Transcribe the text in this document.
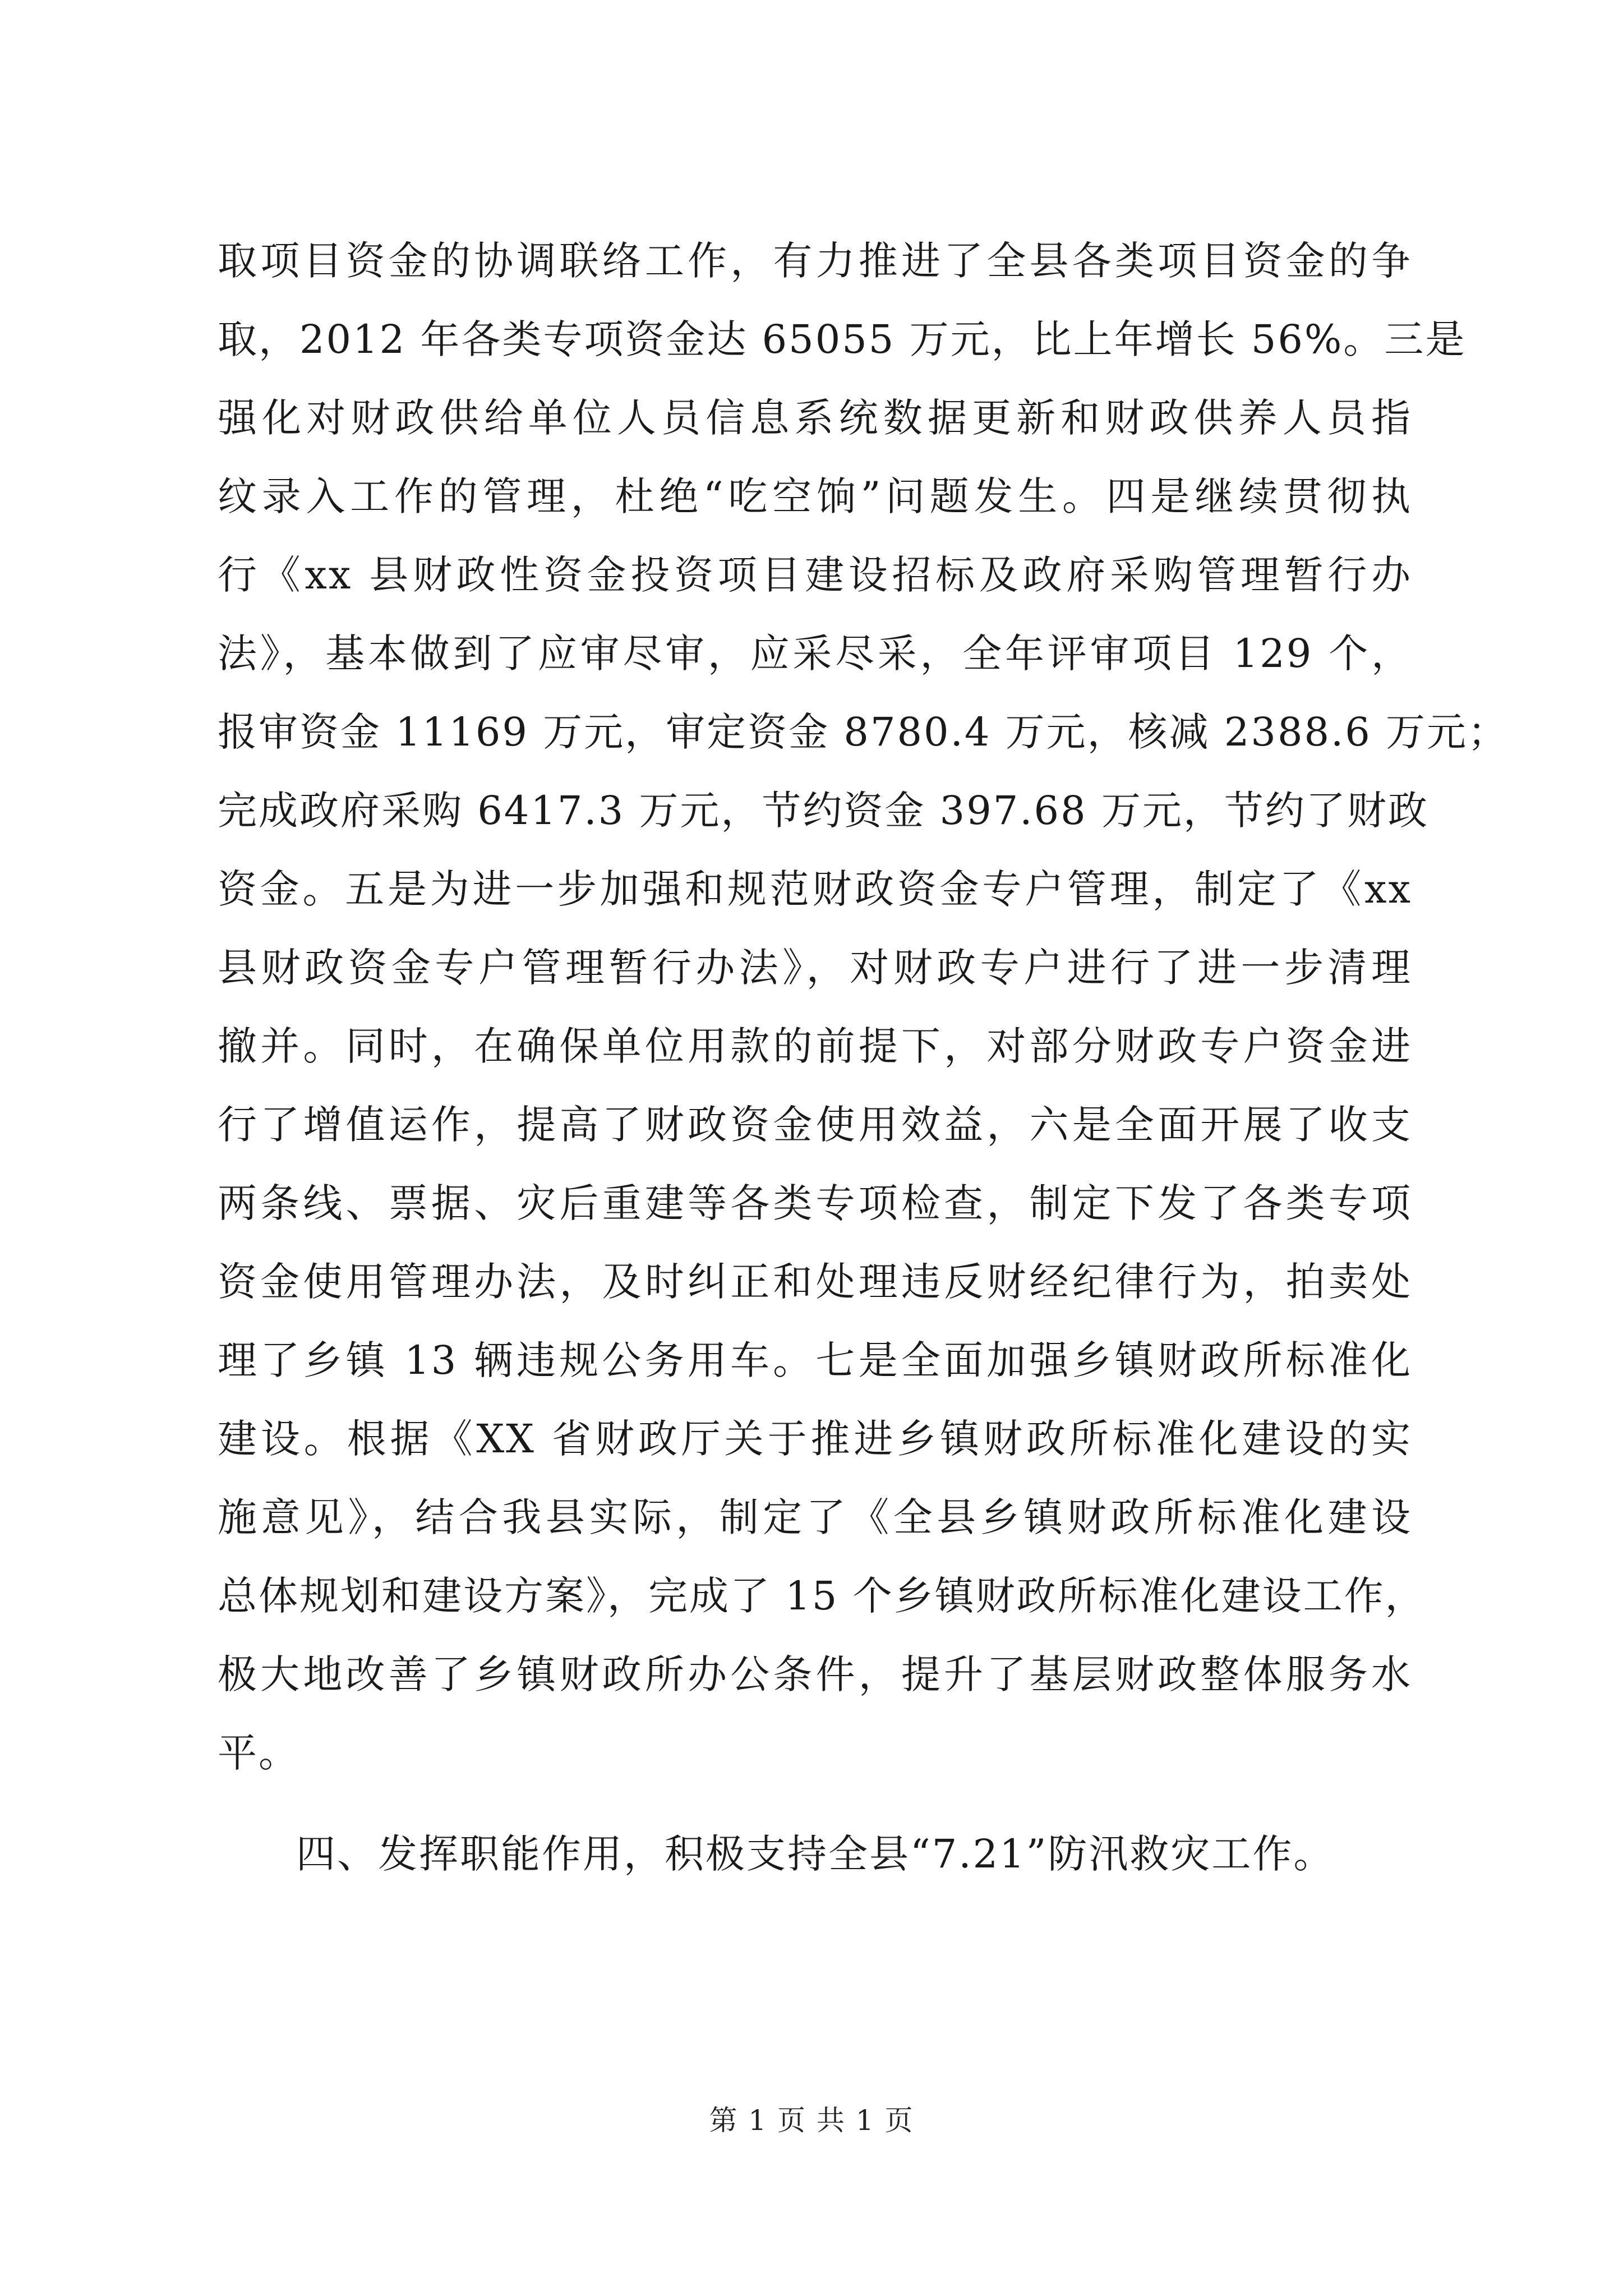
取项目资金的协调联络工作，有力推进了全县各类项目资金的争
取，2012 年各类专项资金达 65055 万元，比上年增长 56%。三是
强化对财政供给单位人员信息系统数据更新和财政供养人员指
纹录入工作的管理，杜绝“吃空饷”问题发生。四是继续贯彻执
行《xx 县财政性资金投资项目建设招标及政府采购管理暂行办
法》，基本做到了应审尽审，应采尽采，全年评审项目 129 个，
报审资金 11169 万元，审定资金 8780.4 万元，核减 2388.6 万元；
完成政府采购 6417.3 万元，节约资金 397.68 万元，节约了财政
资金。五是为进一步加强和规范财政资金专户管理，制定了《xx
县财政资金专户管理暂行办法》，对财政专户进行了进一步清理
撤并。同时，在确保单位用款的前提下，对部分财政专户资金进
行了增值运作，提高了财政资金使用效益，六是全面开展了收支
两条线、票据、灾后重建等各类专项检查，制定下发了各类专项
资金使用管理办法，及时纠正和处理违反财经纪律行为，拍卖处
理了乡镇 13 辆违规公务用车。七是全面加强乡镇财政所标准化
建设。根据《XX 省财政厅关于推进乡镇财政所标准化建设的实
施意见》，结合我县实际，制定了《全县乡镇财政所标准化建设
总体规划和建设方案》，完成了 15 个乡镇财政所标准化建设工作，
极大地改善了乡镇财政所办公条件，提升了基层财政整体服务水
平。
四、发挥职能作用，积极支持全县“7.21”防汛救灾工作。
第 1 页 共 1 页
